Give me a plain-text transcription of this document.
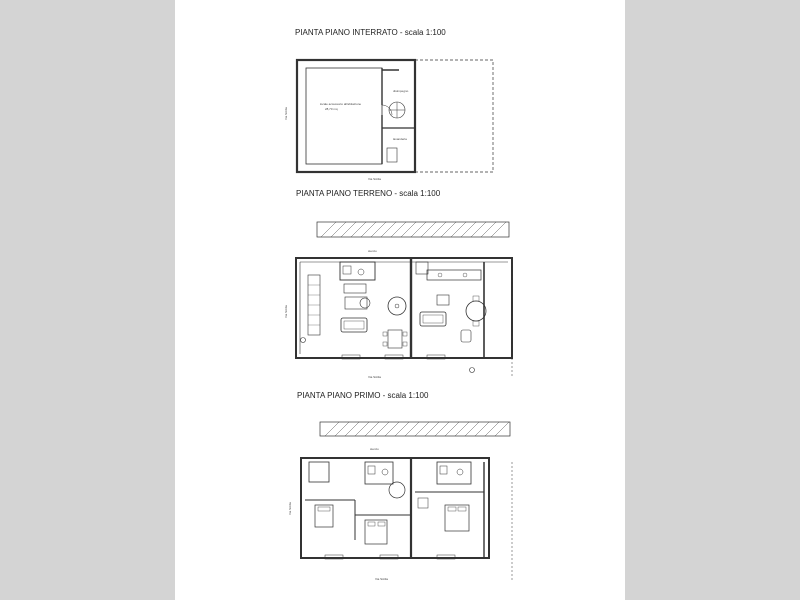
PIANTA PIANO INTERRATO - scala 1:100
PIANTA PIANO TERRENO - scala 1:100
PIANTA PIANO PRIMO - scala 1:100
locale accessorio all'abitazione
28,70 mq
disimpegno
lavanderia
Via Sicilia
Via Sicilia
stenzo
Via Sicilia
Via Sicilia
stenzo
Via Sicilia
Via Sicilia
